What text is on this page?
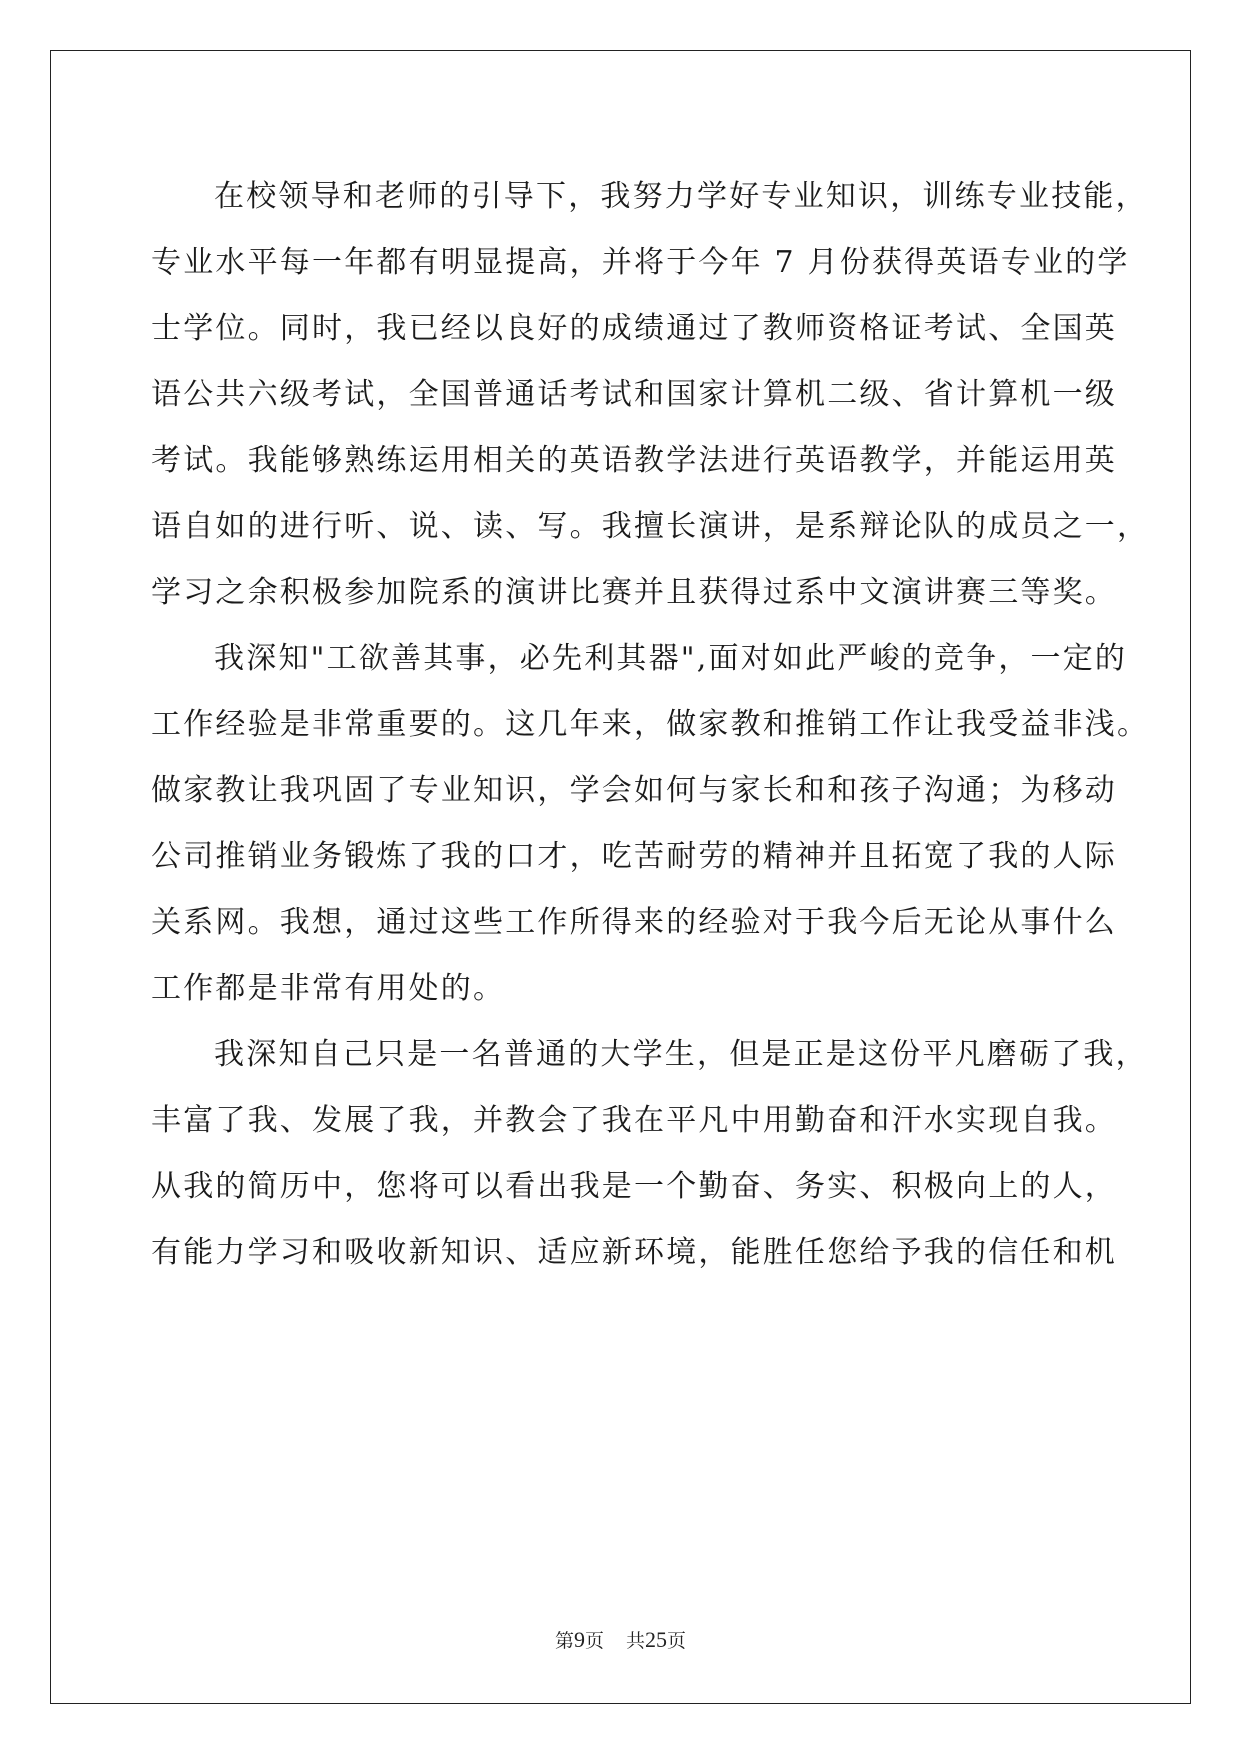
在校领导和老师的引导下，我努力学好专业知识，训练专业技能，
专业水平每一年都有明显提高，并将于今年 7 月份获得英语专业的学
士学位。同时，我已经以良好的成绩通过了教师资格证考试、全国英
语公共六级考试，全国普通话考试和国家计算机二级、省计算机一级
考试。我能够熟练运用相关的英语教学法进行英语教学，并能运用英
语自如的进行听、说、读、写。我擅长演讲，是系辩论队的成员之一，
学习之余积极参加院系的演讲比赛并且获得过系中文演讲赛三等奖。
我深知"工欲善其事，必先利其器",面对如此严峻的竞争，一定的
工作经验是非常重要的。这几年来，做家教和推销工作让我受益非浅。
做家教让我巩固了专业知识，学会如何与家长和和孩子沟通；为移动
公司推销业务锻炼了我的口才，吃苦耐劳的精神并且拓宽了我的人际
关系网。我想，通过这些工作所得来的经验对于我今后无论从事什么
工作都是非常有用处的。
我深知自己只是一名普通的大学生，但是正是这份平凡磨砺了我，
丰富了我、发展了我，并教会了我在平凡中用勤奋和汗水实现自我。
从我的简历中，您将可以看出我是一个勤奋、务实、积极向上的人，
有能力学习和吸收新知识、适应新环境，能胜任您给予我的信任和机
第9页 共25页
